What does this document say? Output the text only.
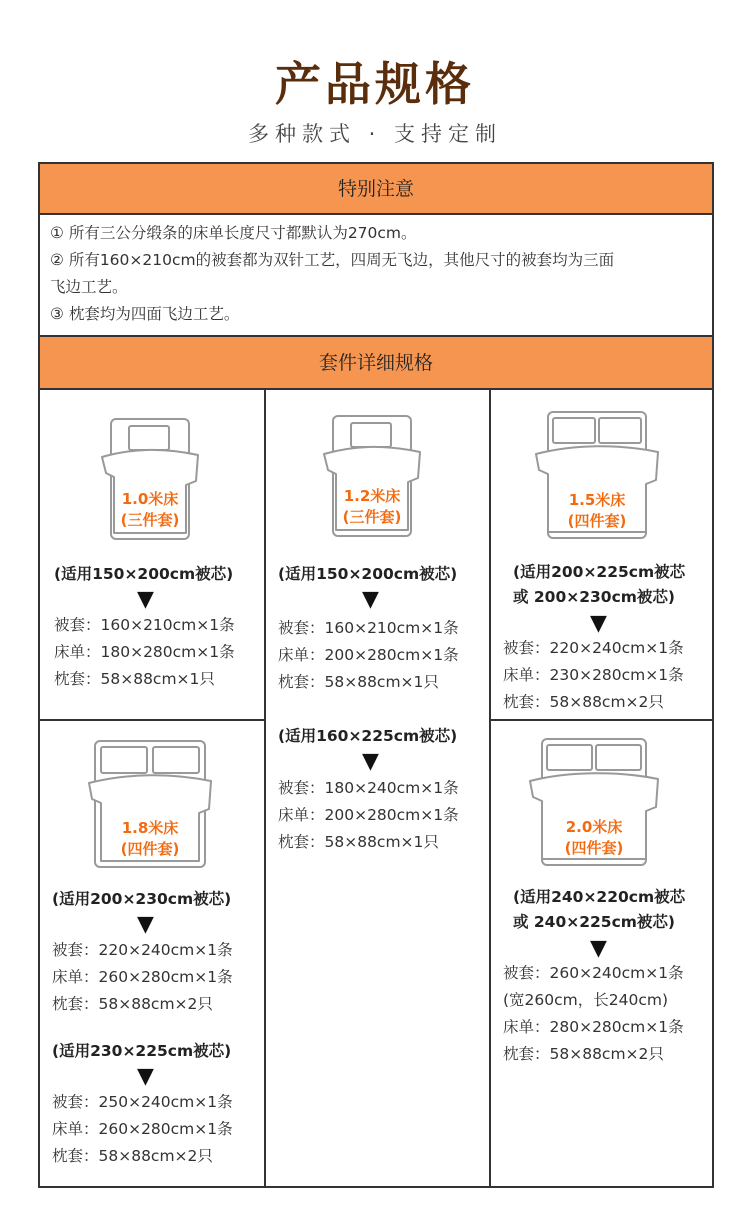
产品规格
多种款式 · 支持定制
特别注意

① 所有三公分缎条的床单长度尺寸都默认为270cm。

② 所有160×210cm的被套都为双针工艺，四周无飞边，其他尺寸的被套均为三面

飞边工艺。

③ 枕套均为四面飞边工艺。

套件详细规格
1.0米床
(三件套)
(适用150×200cm被芯)
▼
被套：160×210cm×1条
床单：180×280cm×1条
枕套：58×88cm×1只
1.8米床
(四件套)
(适用200×230cm被芯)
▼
被套：220×240cm×1条
床单：260×280cm×1条
枕套：58×88cm×2只
(适用230×225cm被芯)
▼
被套：250×240cm×1条
床单：260×280cm×1条
枕套：58×88cm×2只
1.2米床
(三件套)
(适用150×200cm被芯)
▼
被套：160×210cm×1条
床单：200×280cm×1条
枕套：58×88cm×1只
(适用160×225cm被芯)
▼
被套：180×240cm×1条
床单：200×280cm×1条
枕套：58×88cm×1只
1.5米床
(四件套)
(适用200×225cm被芯
或 200×230cm被芯)
▼
被套：220×240cm×1条
床单：230×280cm×1条
枕套：58×88cm×2只
2.0米床
(四件套)
(适用240×220cm被芯
或 240×225cm被芯)
▼
被套：260×240cm×1条
(宽260cm，长240cm)
床单：280×280cm×1条
枕套：58×88cm×2只
